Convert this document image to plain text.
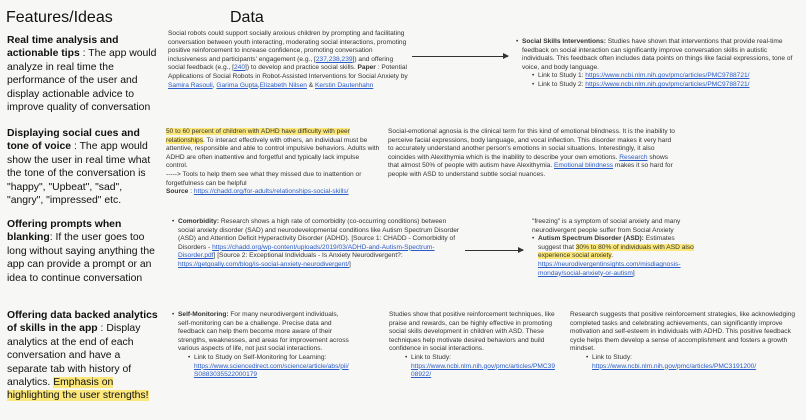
Features/Ideas	Data
Real time analysis and actionable tips : The app would analyze in real time the performance of the user and display actionable advice to improve quality of conversation
Social robots could support socially anxious children by prompting and facilitating conversation between youth interacting, moderating social interactions, promoting positive reinforcement to increase confidence, promoting conversation inclusiveness and participants' engagement (e.g., [237,238,239]) and offering social feedback (e.g., [240]) to develop and practice social skills. Paper : Potential Applications of Social Robots in Robot-Assisted Interventions for Social Anxiety by Samira Rasouli, Garima Gupta,Elizabeth Nilsen & Kerstin Dautenhahn
• Social Skills Interventions: Studies have shown that interventions that provide real-time feedback on social interaction can significantly improve conversation skills in autistic individuals. This feedback often includes data points on things like facial expressions, tone of voice, and body language.
• Link to Study 1: https://www.ncbi.nlm.nih.gov/pmc/articles/PMC9788721/
• Link to Study 2: https://www.ncbi.nlm.nih.gov/pmc/articles/PMC9788721/
Displaying social cues and tone of voice : The app would show the user in real time what the tone of the conversation is "happy", "Upbeat", "sad", "angry", "impressed" etc.
50 to 60 percent of children with ADHD have difficulty with peer relationships. To interact effectively with others, an individual must be attentive, responsible and able to control impulsive behaviors. Adults with ADHD are often inattentive and forgetful and typically lack impulse control.
-----> Tools to help them see what they missed due to inattention or forgetfulness can be helpful
Source : https://chadd.org/for-adults/relationships-social-skills/
Social-emotional agnosia is the clinical term for this kind of emotional blindness. It is the inability to perceive facial expressions, body language, and vocal inflection. This disorder makes it very hard to accurately understand another person's emotions in social situations. Interestingly, it also coincides with Alexithymia which is the inability to describe your own emotions. Research shows that almost 50% of people with autism have Alexithymia. Emotional blindness makes it so hard for people with ASD to understand subtle social nuances.
Offering prompts when blanking: If the user goes too long without saying anything the app can provide a prompt or an idea to continue conversation
• Comorbidity: Research shows a high rate of comorbidity (co-occurring conditions) between social anxiety disorder (SAD) and neurodevelopmental conditions like Autism Spectrum Disorder (ASD) and Attention Deficit Hyperactivity Disorder (ADHD). [Source 1: CHADD - Comorbidity of Disorders - https://chadd.org/wp-content/uploads/2019/03/ADHD-and-Autism-Spectrum-Disorder.pdf] [Source 2: Exceptional Individuals - Is Anxiety Neurodivergent?: https://getgoally.com/blog/is-social-anxiety-neurodivergent/]
"freezing" is a symptom of social anxiety and many neurodivergent people suffer from Social Anxiety
• Autism Spectrum Disorder (ASD): Estimates suggest that 30% to 80% of individuals with ASD also experience social anxiety. https://neurodivergentinsights.com/misdiagnosis-monday/social-anxiety-or-autism]
Offering data backed analytics of skills in the app : Display analytics at the end of each conversation and have a separate tab with history of analytics. Emphasis on highlighting the user strengths!
• Self-Monitoring: For many neurodivergent individuals, self-monitoring can be a challenge. Precise data and feedback can help them become more aware of their strengths, weaknesses, and areas for improvement across various aspects of life, not just social interactions.
• Link to Study on Self-Monitoring for Learning:
https://www.sciencedirect.com/science/article/abs/pii/S0883035522000179
Studies show that positive reinforcement techniques, like praise and rewards, can be highly effective in promoting social skills development in children with ASD. These techniques help motivate desired behaviors and build confidence in social interactions.
• Link to Study:
https://www.ncbi.nlm.nih.gov/pmc/articles/PMC3908922/
Research suggests that positive reinforcement strategies, like acknowledging completed tasks and celebrating achievements, can significantly improve motivation and self-esteem in individuals with ADHD. This positive feedback cycle helps them develop a sense of accomplishment and fosters a growth mindset.
• Link to Study:
https://www.ncbi.nlm.nih.gov/pmc/articles/PMC3191200/
